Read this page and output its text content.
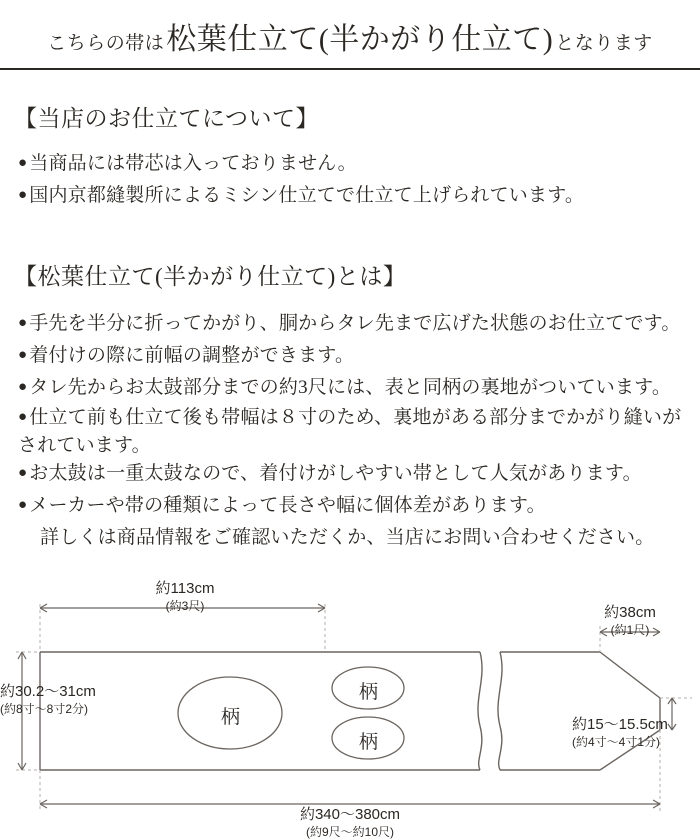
こちらの帯は 松葉仕立て(半かがり仕立て) となります
【当店のお仕立てについて】
● 当商品には帯芯は入っておりません。
● 国内京都縫製所によるミシン仕立てで仕立て上げられています。
【松葉仕立て(半かがり仕立て)とは】
● 手先を半分に折ってかがり、胴からタレ先まで広げた状態のお仕立てです。
● 着付けの際に前幅の調整ができます。
● タレ先からお太鼓部分までの約3尺には、表と同柄の裏地がついています。
● 仕立て前も仕立て後も帯幅は８寸のため、裏地がある部分までかがり縫いがされています。
● お太鼓は一重太鼓なので、着付けがしやすい帯として人気があります。
● メーカーや帯の種類によって長さや幅に個体差があります。
詳しくは商品情報をご確認いただくか、当店にお問い合わせください。
柄
柄
柄
約113cm
(約3尺)
約30.2〜31cm
(約8寸〜8寸2分)
約38cm
(約1尺)
約15〜15.5cm
(約4寸〜4寸1分)
約340〜380cm
(約9尺〜約10尺)
